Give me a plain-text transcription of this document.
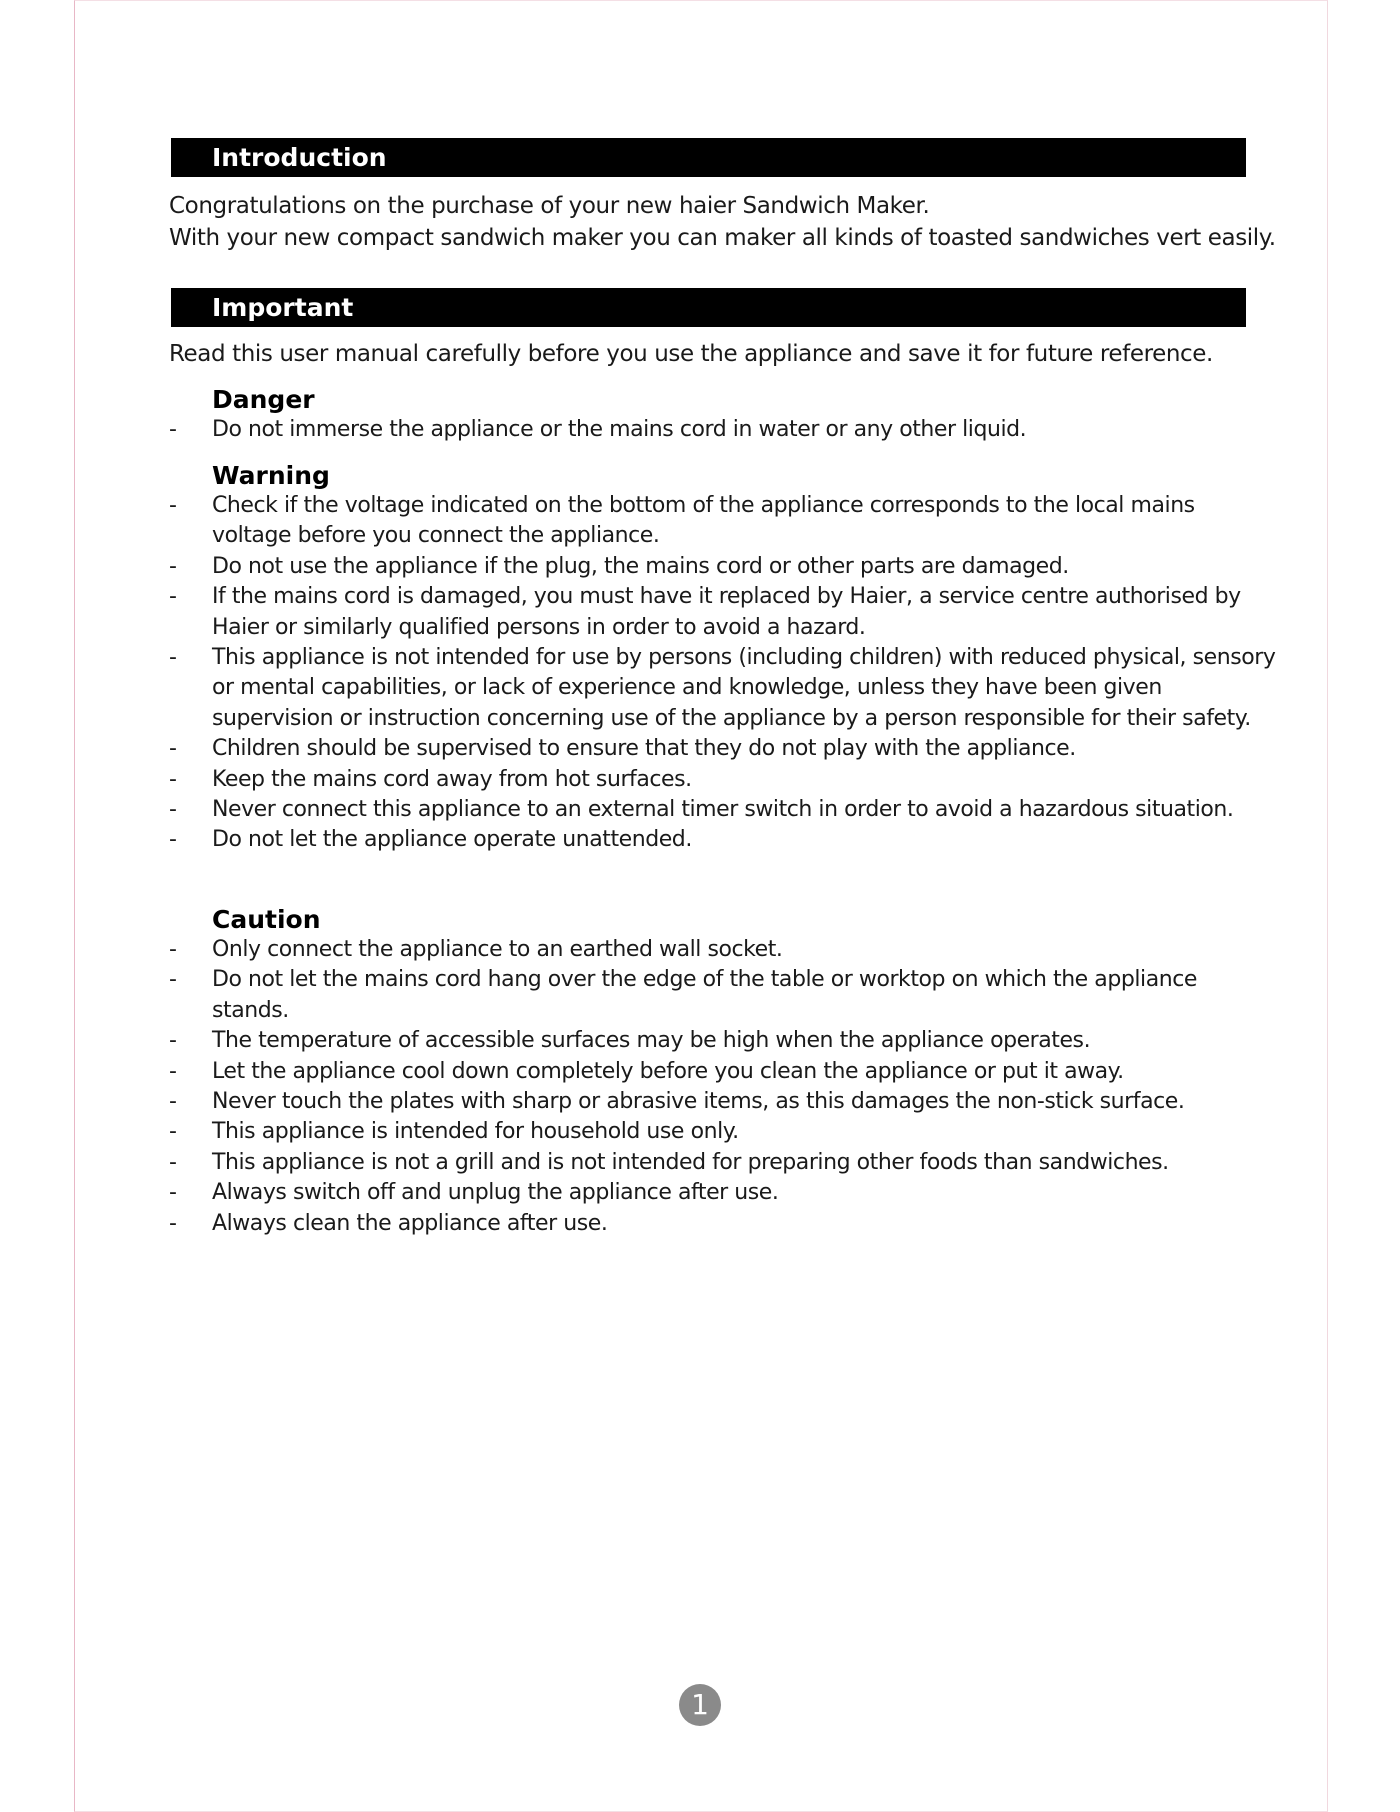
Introduction
Congratulations on the purchase of your new haier Sandwich Maker.
With your new compact sandwich maker you can maker all kinds of toasted sandwiches vert easily.
Important
Read this user manual carefully before you use the appliance and save it for future reference.
Danger
- Do not immerse the appliance or the mains cord in water or any other liquid.
Warning
- Check if the voltage indicated on the bottom of the appliance corresponds to the local mains voltage before you connect the appliance.
- Do not use the appliance if the plug, the mains cord or other parts are damaged.
- If the mains cord is damaged, you must have it replaced by Haier, a service centre authorised by Haier or similarly qualified persons in order to avoid a hazard.
- This appliance is not intended for use by persons (including children) with reduced physical, sensory or mental capabilities, or lack of experience and knowledge, unless they have been given supervision or instruction concerning use of the appliance by a person responsible for their safety.
- Children should be supervised to ensure that they do not play with the appliance.
- Keep the mains cord away from hot surfaces.
- Never connect this appliance to an external timer switch in order to avoid a hazardous situation.
- Do not let the appliance operate unattended.
Caution
- Only connect the appliance to an earthed wall socket.
- Do not let the mains cord hang over the edge of the table or worktop on which the appliance stands.
- The temperature of accessible surfaces may be high when the appliance operates.
- Let the appliance cool down completely before you clean the appliance or put it away.
- Never touch the plates with sharp or abrasive items, as this damages the non-stick surface.
- This appliance is intended for household use only.
- This appliance is not a grill and is not intended for preparing other foods than sandwiches.
- Always switch off and unplug the appliance after use.
- Always clean the appliance after use.
1
